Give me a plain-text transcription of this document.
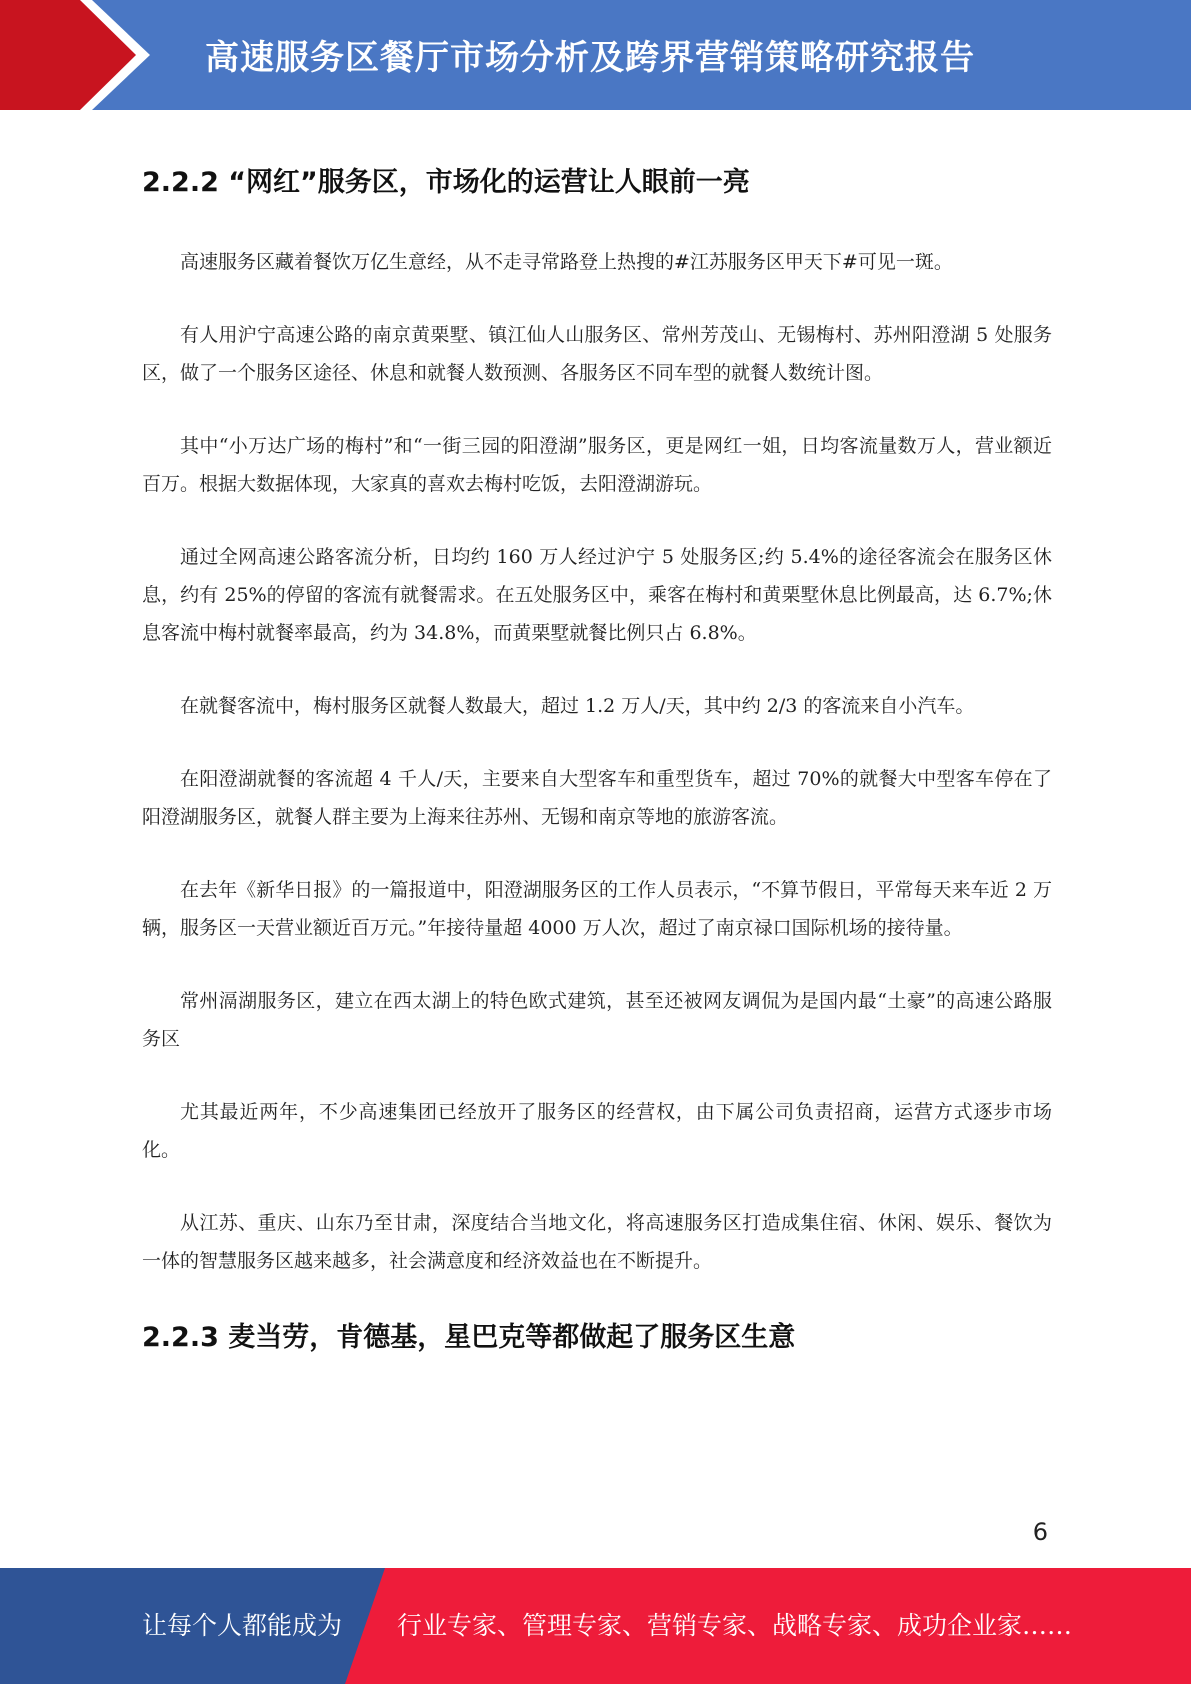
高速服务区餐厅市场分析及跨界营销策略研究报告
2.2.2 “网红”服务区，市场化的运营让人眼前一亮

高速服务区藏着餐饮万亿生意经，从不走寻常路登上热搜的#江苏服务区甲天下#可见一斑。

有人用沪宁高速公路的南京黄栗墅、镇江仙人山服务区、常州芳茂山、无锡梅村、苏州阳澄湖 5 处服务区，做了一个服务区途径、休息和就餐人数预测、各服务区不同车型的就餐人数统计图。

其中“小万达广场的梅村”和“一街三园的阳澄湖”服务区，更是网红一姐，日均客流量数万人，营业额近百万。根据大数据体现，大家真的喜欢去梅村吃饭，去阳澄湖游玩。

通过全网高速公路客流分析，日均约 160 万人经过沪宁 5 处服务区;约 5.4%的途径客流会在服务区休息，约有 25%的停留的客流有就餐需求。在五处服务区中，乘客在梅村和黄栗墅休息比例最高，达 6.7%;休息客流中梅村就餐率最高，约为 34.8%，而黄栗墅就餐比例只占 6.8%。

在就餐客流中，梅村服务区就餐人数最大，超过 1.2 万人/天，其中约 2/3 的客流来自小汽车。

在阳澄湖就餐的客流超 4 千人/天，主要来自大型客车和重型货车，超过 70%的就餐大中型客车停在了阳澄湖服务区，就餐人群主要为上海来往苏州、无锡和南京等地的旅游客流。

在去年《新华日报》的一篇报道中，阳澄湖服务区的工作人员表示，“不算节假日，平常每天来车近 2 万辆，服务区一天营业额近百万元。”年接待量超 4000 万人次，超过了南京禄口国际机场的接待量。

常州滆湖服务区，建立在西太湖上的特色欧式建筑，甚至还被网友调侃为是国内最“土豪”的高速公路服务区

尤其最近两年，不少高速集团已经放开了服务区的经营权，由下属公司负责招商，运营方式逐步市场化。

从江苏、重庆、山东乃至甘肃，深度结合当地文化，将高速服务区打造成集住宿、休闲、娱乐、餐饮为一体的智慧服务区越来越多，社会满意度和经济效益也在不断提升。

2.2.3 麦当劳，肯德基，星巴克等都做起了服务区生意
6
让每个人都能成为 行业专家、管理专家、营销专家、战略专家、成功企业家……
